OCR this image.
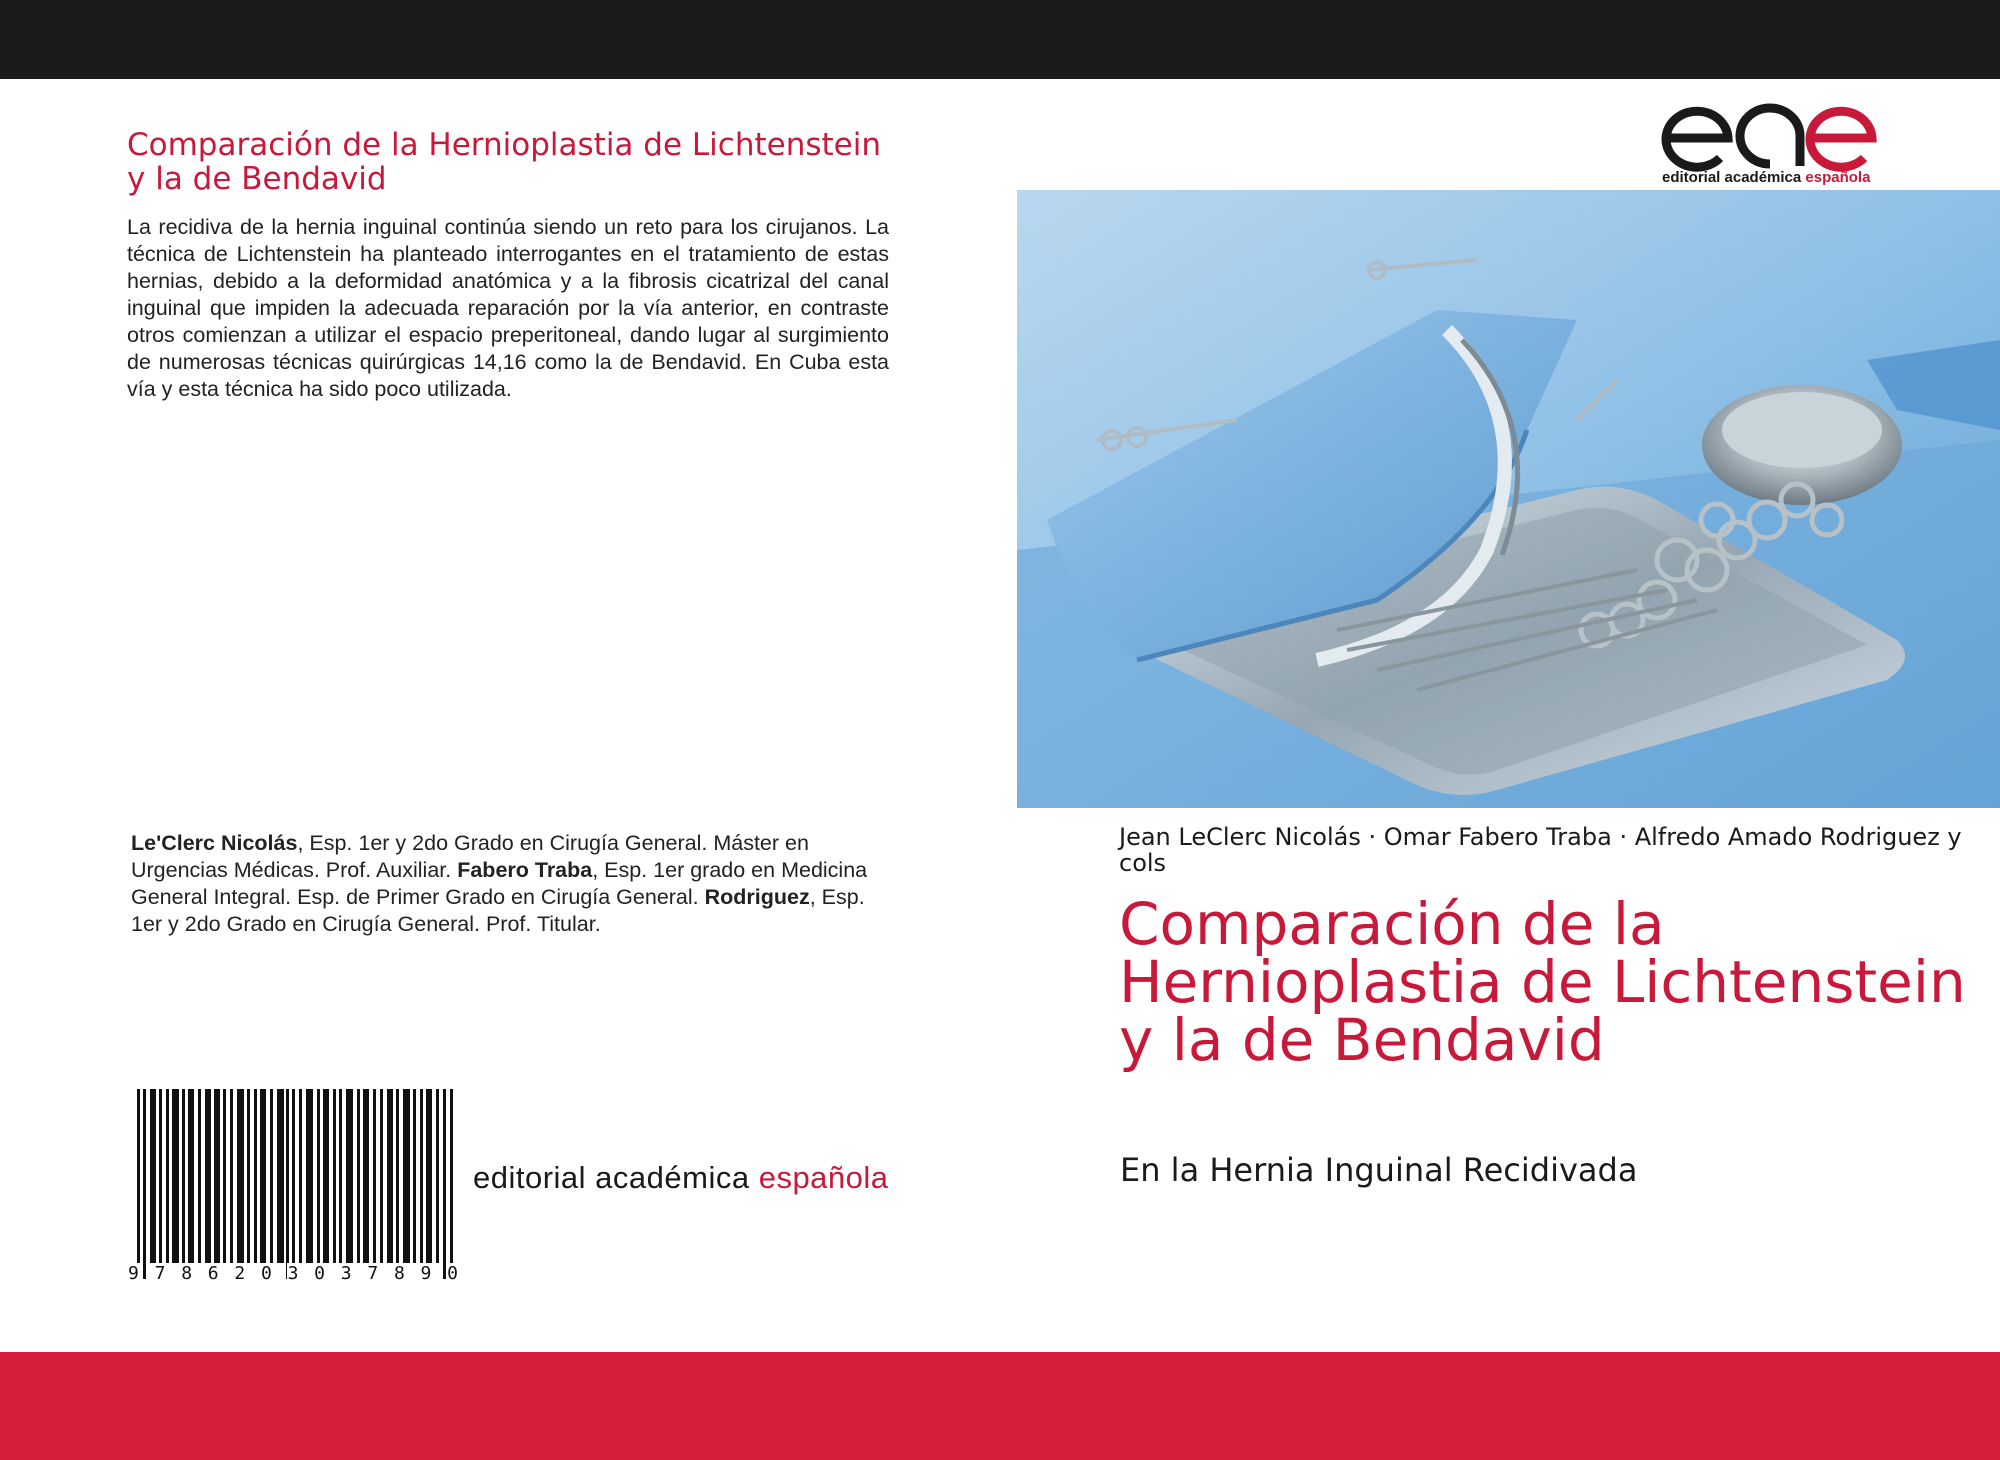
Comparación de la Hernioplastia de Lichtenstein y la de Bendavid

La recidiva de la hernia inguinal continúa siendo un reto para los cirujanos. La técnica de Lichtenstein ha planteado interrogantes en el tratamiento de estas hernias, debido a la deformidad anatómica y a la fibrosis cicatrizal del canal inguinal que impiden la adecuada reparación por la vía anterior, en contraste otros comienzan a utilizar el espacio preperitoneal, dando lugar al surgimiento de numerosas técnicas quirúrgicas 14,16 como la de Bendavid. En Cuba esta vía y esta técnica ha sido poco utilizada.

Le'Clerc Nicolás, Esp. 1er y 2do Grado en Cirugía General. Máster en Urgencias Médicas. Prof. Auxiliar. Fabero Traba, Esp. 1er grado en Medicina General Integral. Esp. de Primer Grado en Cirugía General. Rodriguez, Esp. 1er y 2do Grado en Cirugía General. Prof. Titular.

9 7 8 6 2 0 3 0 3 7 8 9 0
editorial académica española
editorial académica española

Jean LeClerc Nicolás · Omar Fabero Traba · Alfredo Amado Rodriguez y cols

Comparación de la Hernioplastia de Lichtenstein y la de Bendavid

En la Hernia Inguinal Recidivada
